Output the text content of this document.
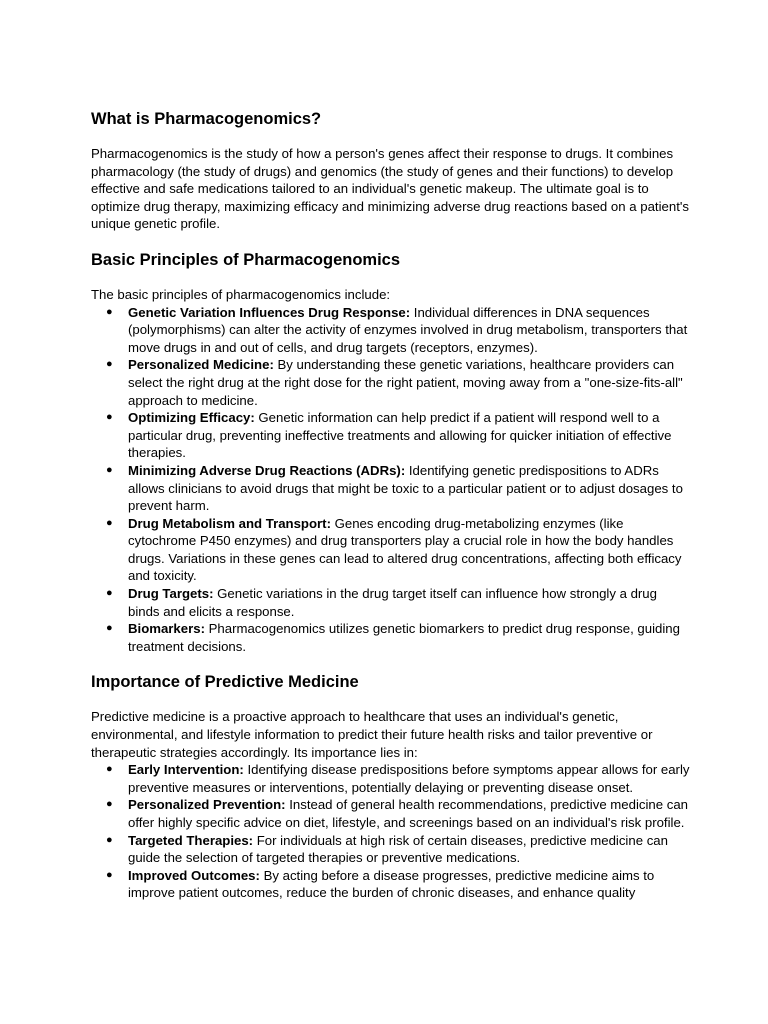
What is Pharmacogenomics?

Pharmacogenomics is the study of how a person's genes affect their response to drugs. It combines pharmacology (the study of drugs) and genomics (the study of genes and their functions) to develop effective and safe medications tailored to an individual's genetic makeup. The ultimate goal is to optimize drug therapy, maximizing efficacy and minimizing adverse drug reactions based on a patient's unique genetic profile.

Basic Principles of Pharmacogenomics

The basic principles of pharmacogenomics include:

● Genetic Variation Influences Drug Response: Individual differences in DNA sequences (polymorphisms) can alter the activity of enzymes involved in drug metabolism, transporters that move drugs in and out of cells, and drug targets (receptors, enzymes).
● Personalized Medicine: By understanding these genetic variations, healthcare providers can select the right drug at the right dose for the right patient, moving away from a "one-size-fits-all" approach to medicine.
● Optimizing Efficacy: Genetic information can help predict if a patient will respond well to a particular drug, preventing ineffective treatments and allowing for quicker initiation of effective therapies.
● Minimizing Adverse Drug Reactions (ADRs): Identifying genetic predispositions to ADRs allows clinicians to avoid drugs that might be toxic to a particular patient or to adjust dosages to prevent harm.
● Drug Metabolism and Transport: Genes encoding drug-metabolizing enzymes (like cytochrome P450 enzymes) and drug transporters play a crucial role in how the body handles drugs. Variations in these genes can lead to altered drug concentrations, affecting both efficacy and toxicity.
● Drug Targets: Genetic variations in the drug target itself can influence how strongly a drug binds and elicits a response.
● Biomarkers: Pharmacogenomics utilizes genetic biomarkers to predict drug response, guiding treatment decisions.
Importance of Predictive Medicine

Predictive medicine is a proactive approach to healthcare that uses an individual's genetic, environmental, and lifestyle information to predict their future health risks and tailor preventive or therapeutic strategies accordingly. Its importance lies in:

● Early Intervention: Identifying disease predispositions before symptoms appear allows for early preventive measures or interventions, potentially delaying or preventing disease onset.
● Personalized Prevention: Instead of general health recommendations, predictive medicine can offer highly specific advice on diet, lifestyle, and screenings based on an individual's risk profile.
● Targeted Therapies: For individuals at high risk of certain diseases, predictive medicine can guide the selection of targeted therapies or preventive medications.
● Improved Outcomes: By acting before a disease progresses, predictive medicine aims to improve patient outcomes, reduce the burden of chronic diseases, and enhance quality
